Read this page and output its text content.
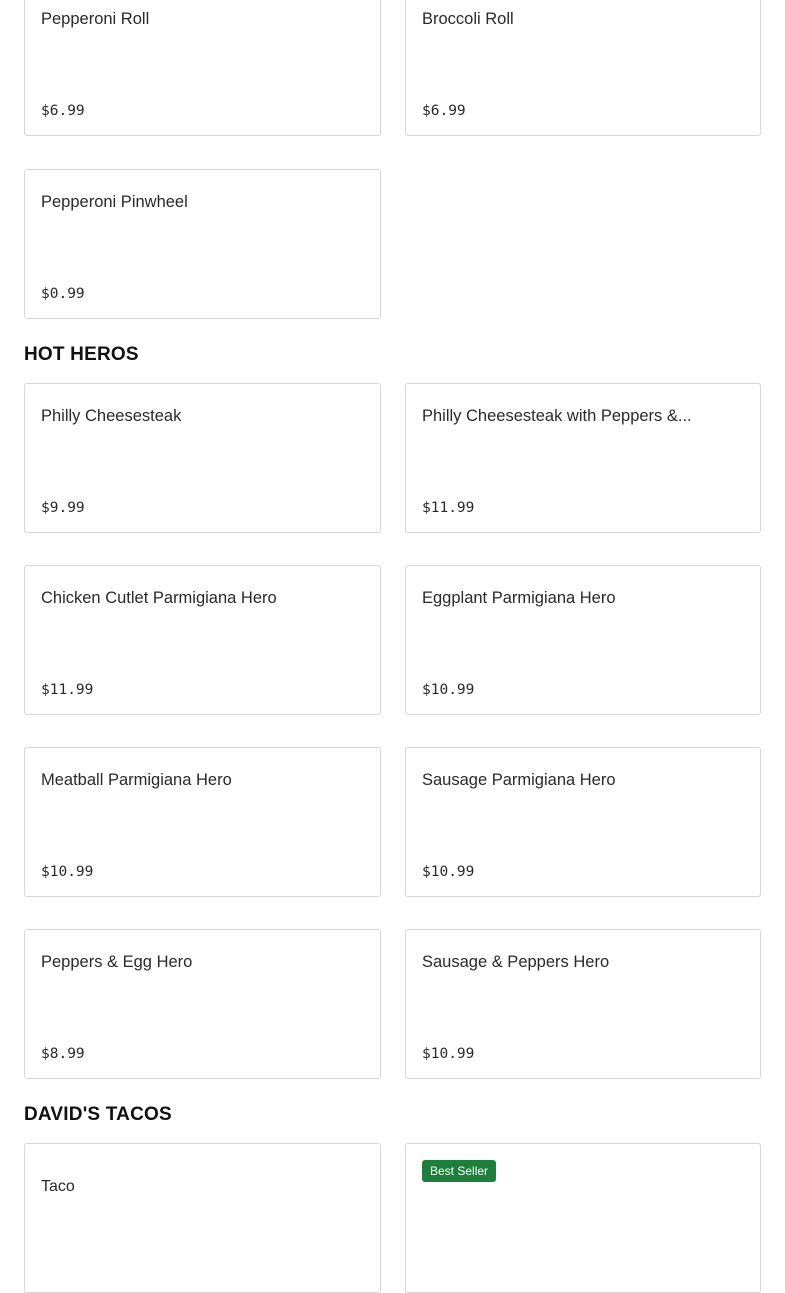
Pepperoni Roll
$6.99
Broccoli Roll
$6.99
Pepperoni Pinwheel
$0.99
HOT HEROS
Philly Cheesesteak
$9.99
Philly Cheesesteak with Peppers &...
$11.99
Chicken Cutlet Parmigiana Hero
$11.99
Eggplant Parmigiana Hero
$10.99
Meatball Parmigiana Hero
$10.99
Sausage Parmigiana Hero
$10.99
Peppers & Egg Hero
$8.99
Sausage & Peppers Hero
$10.99
DAVID'S TACOS
Taco
Best Seller
